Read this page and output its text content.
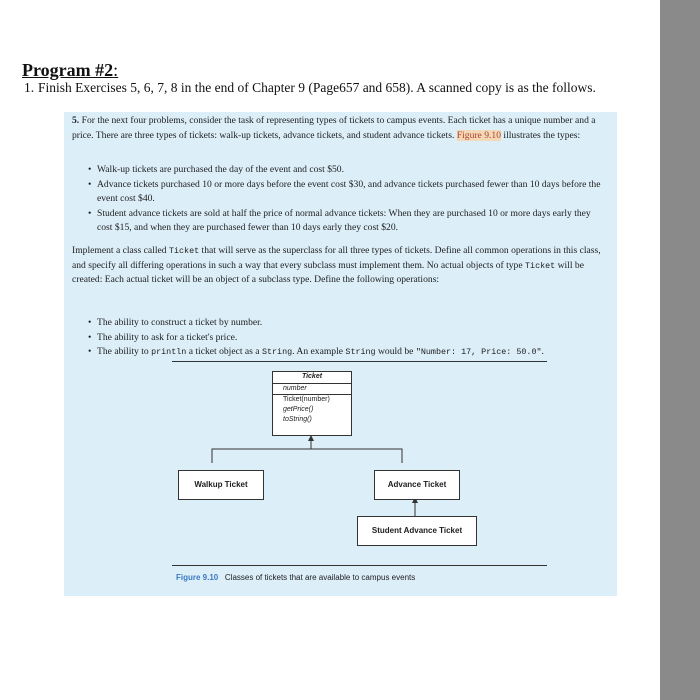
Program #2:
1. Finish Exercises 5, 6, 7, 8 in the end of Chapter 9 (Page657 and 658). A scanned copy is as the follows.

5. For the next four problems, consider the task of representing types of tickets to campus events. Each ticket has a unique number and a price. There are three types of tickets: walk-up tickets, advance tickets, and student advance tickets. Figure 9.10 illustrates the types:

• Walk-up tickets are purchased the day of the event and cost $50.
• Advance tickets purchased 10 or more days before the event cost $30, and advance tickets purchased fewer than 10 days before the event cost $40.
• Student advance tickets are sold at half the price of normal advance tickets: When they are purchased 10 or more days early they cost $15, and when they are purchased fewer than 10 days early they cost $20.

Implement a class called Ticket that will serve as the superclass for all three types of tickets. Define all common operations in this class, and specify all differing operations in such a way that every subclass must implement them. No actual objects of type Ticket will be created: Each actual ticket will be an object of a subclass type. Define the following operations:

• The ability to construct a ticket by number.
• The ability to ask for a ticket's price.
• The ability to println a ticket object as a String. An example String would be "Number: 17, Price: 50.0".
Ticket
number
Ticket(number)
getPrice()
toString()
Walkup Ticket	Advance Ticket
Student Advance Ticket
Figure 9.10 Classes of tickets that are available to campus events
